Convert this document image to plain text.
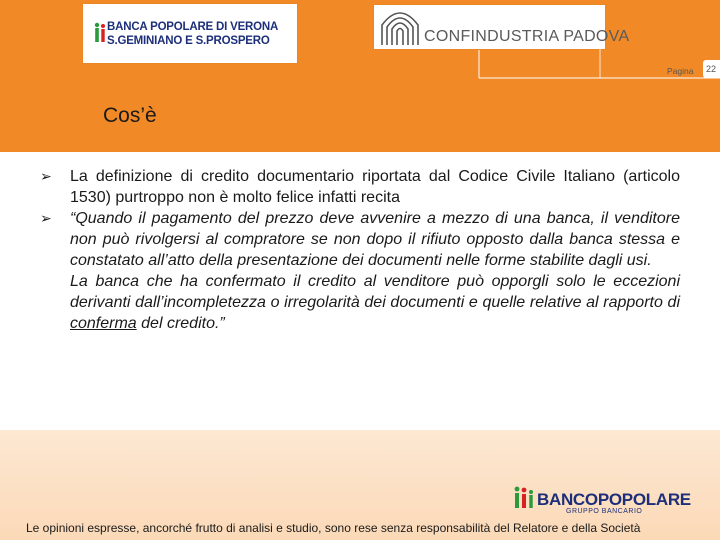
BANCA POPOLARE DI VERONA
S.GEMINIANO E S.PROSPERO	CONFINDUSTRIA PADOVA
Pagina	22
Cos’è
➢	La definizione di credito documentario riportata dal Codice Civile Italiano (articolo 1530) purtroppo non è molto felice infatti recita
➢	“Quando il pagamento del prezzo deve avvenire a mezzo di una banca, il venditore non può rivolgersi al compratore se non dopo il rifiuto opposto dalla banca stessa e constatato all’atto della presentazione dei documenti nelle forme stabilite dagli usi.
La banca che ha confermato il credito al venditore può opporgli solo le eccezioni derivanti dall’incompletezza o irregolarità dei documenti e quelle relative al rapporto di conferma del credito.”
BANCOPOPOLARE
GRUPPO BANCARIO
Le opinioni espresse, ancorché frutto di analisi e studio, sono rese senza responsabilità del Relatore e della Società
